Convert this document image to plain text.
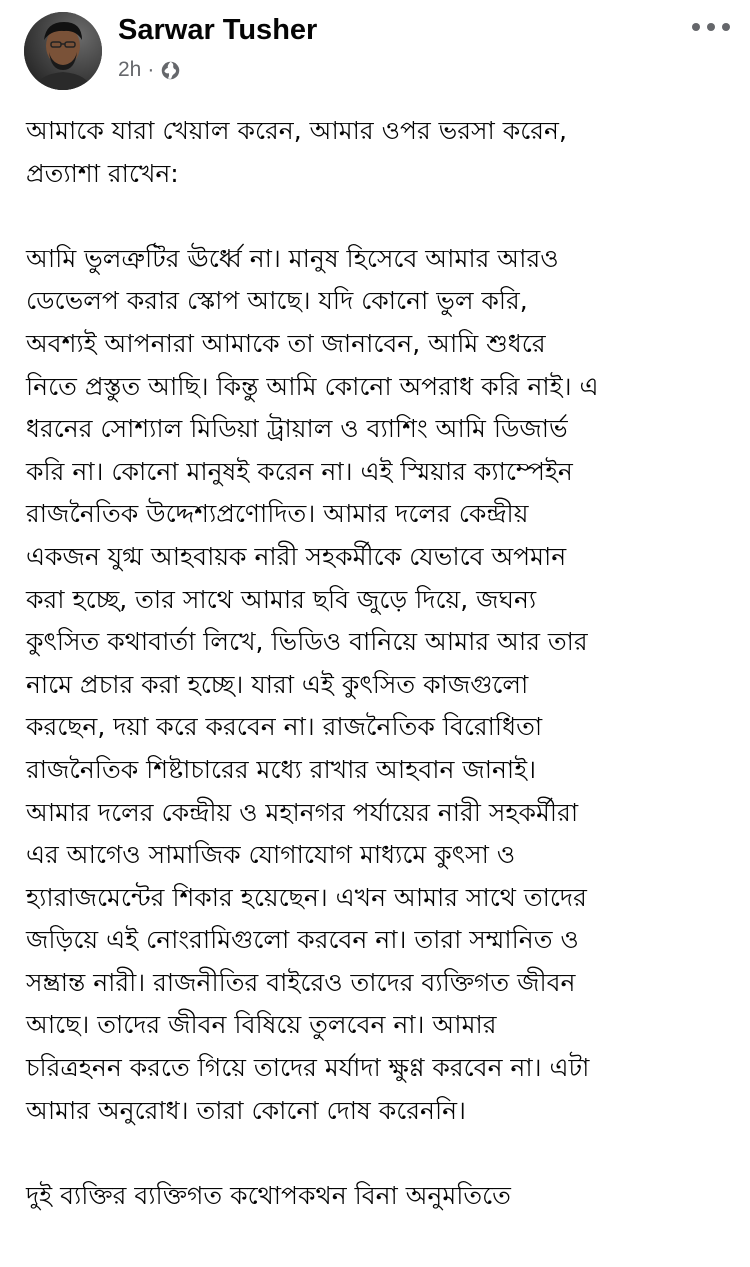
Sarwar Tusher
2h ·

আমাকে যারা খেয়াল করেন, আমার ওপর ভরসা করেন,
প্রত্যাশা রাখেন:

আমি ভুলত্রুটির ঊর্ধ্বে না। মানুষ হিসেবে আমার আরও
ডেভেলপ করার স্কোপ আছে। যদি কোনো ভুল করি,
অবশ্যই আপনারা আমাকে তা জানাবেন, আমি শুধরে
নিতে প্রস্তুত আছি। কিন্তু আমি কোনো অপরাধ করি নাই। এ
ধরনের সোশ্যাল মিডিয়া ট্রায়াল ও ব্যাশিং আমি ডিজার্ভ
করি না। কোনো মানুষই করেন না। এই স্মিয়ার ক্যাম্পেইন
রাজনৈতিক উদ্দেশ্যপ্রণোদিত। আমার দলের কেন্দ্রীয়
একজন যুগ্ম আহবায়ক নারী সহকর্মীকে যেভাবে অপমান
করা হচ্ছে, তার সাথে আমার ছবি জুড়ে দিয়ে, জঘন্য
কুৎসিত কথাবার্তা লিখে, ভিডিও বানিয়ে আমার আর তার
নামে প্রচার করা হচ্ছে। যারা এই কুৎসিত কাজগুলো
করছেন, দয়া করে করবেন না। রাজনৈতিক বিরোধিতা
রাজনৈতিক শিষ্টাচারের মধ্যে রাখার আহবান জানাই।
আমার দলের কেন্দ্রীয় ও মহানগর পর্যায়ের নারী সহকর্মীরা
এর আগেও সামাজিক যোগাযোগ মাধ্যমে কুৎসা ও
হ্যারাজমেন্টের শিকার হয়েছেন। এখন আমার সাথে তাদের
জড়িয়ে এই নোংরামিগুলো করবেন না। তারা সম্মানিত ও
সম্ভ্রান্ত নারী। রাজনীতির বাইরেও তাদের ব্যক্তিগত জীবন
আছে। তাদের জীবন বিষিয়ে তুলবেন না। আমার
চরিত্রহনন করতে গিয়ে তাদের মর্যাদা ক্ষুণ্ণ করবেন না। এটা
আমার অনুরোধ। তারা কোনো দোষ করেননি।

দুই ব্যক্তির ব্যক্তিগত কথোপকথন বিনা অনুমতিতে
